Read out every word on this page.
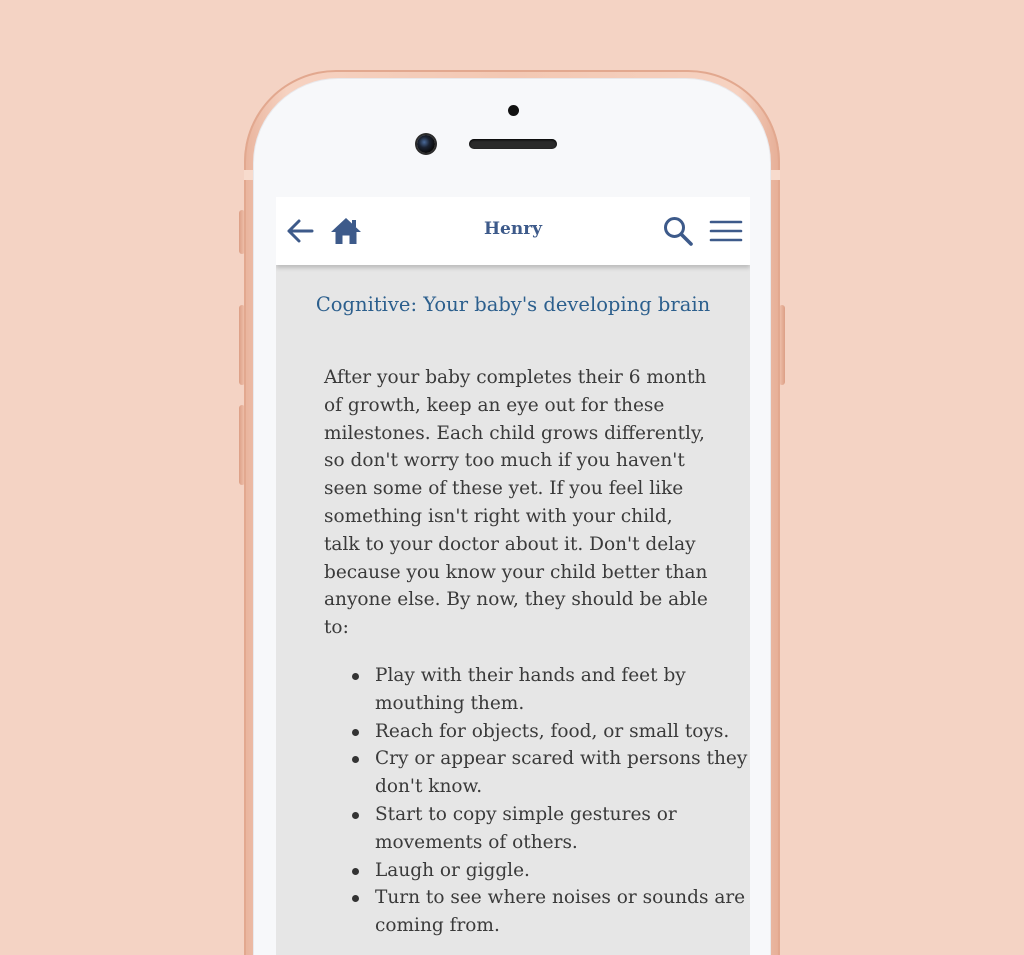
Henry
Cognitive: Your baby's developing brain

After your baby completes their 6 month of growth, keep an eye out for these milestones. Each child grows differently, so don't worry too much if you haven't seen some of these yet. If you feel like something isn't right with your child, talk to your doctor about it. Don't delay because you know your child better than anyone else. By now, they should be able to:

Play with their hands and feet by mouthing them.
Reach for objects, food, or small toys.
Cry or appear scared with persons they don't know.
Start to copy simple gestures or movements of others.
Laugh or giggle.
Turn to see where noises or sounds are coming from.
